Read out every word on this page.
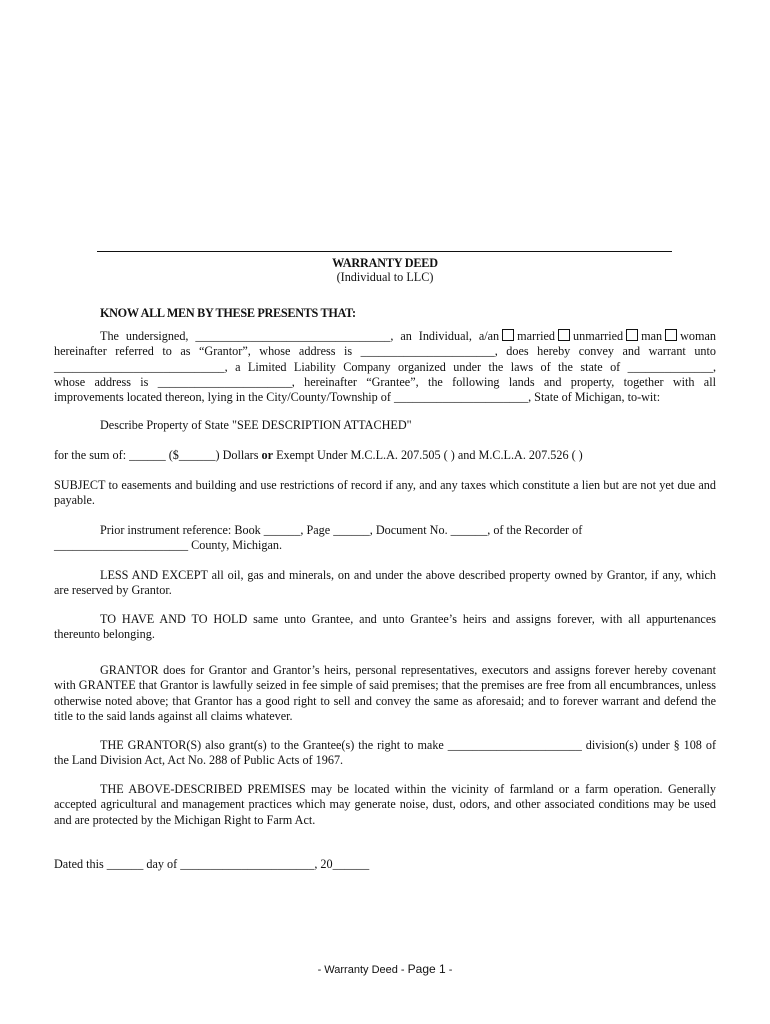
WARRANTY DEED
(Individual to LLC)
KNOW ALL MEN BY THESE PRESENTS THAT:
The undersigned, ________________________________, an Individual, a/an married unmarried man woman
hereinafter referred to as “Grantor”, whose address is ______________________, does hereby convey and warrant unto
____________________________, a Limited Liability Company organized under the laws of the state of ______________,
whose address is ______________________, hereinafter “Grantee”, the following lands and property, together with all
improvements located thereon, lying in the City/County/Township of ______________________, State of Michigan, to-wit:
Describe Property of State "SEE DESCRIPTION ATTACHED"
for the sum of: ______ ($______) Dollars or Exempt Under M.C.L.A. 207.505 ( ) and M.C.L.A. 207.526 ( )
SUBJECT to easements and building and use restrictions of record if any, and any taxes which constitute a lien but are not yet due and payable.
Prior instrument reference: Book ______, Page ______, Document No. ______, of the Recorder of
______________________ County, Michigan.
LESS AND EXCEPT all oil, gas and minerals, on and under the above described property owned by Grantor, if any, which are reserved by Grantor.
TO HAVE AND TO HOLD same unto Grantee, and unto Grantee’s heirs and assigns forever, with all appurtenances thereunto belonging.
GRANTOR does for Grantor and Grantor’s heirs, personal representatives, executors and assigns forever hereby covenant with GRANTEE that Grantor is lawfully seized in fee simple of said premises; that the premises are free from all encumbrances, unless otherwise noted above; that Grantor has a good right to sell and convey the same as aforesaid; and to forever warrant and defend the title to the said lands against all claims whatever.
THE GRANTOR(S) also grant(s) to the Grantee(s) the right to make ______________________ division(s) under § 108 of the Land Division Act, Act No. 288 of Public Acts of 1967.
THE ABOVE-DESCRIBED PREMISES may be located within the vicinity of farmland or a farm operation. Generally accepted agricultural and management practices which may generate noise, dust, odors, and other associated conditions may be used and are protected by the Michigan Right to Farm Act.
Dated this ______ day of ______________________, 20______
- Warranty Deed - Page 1 -
